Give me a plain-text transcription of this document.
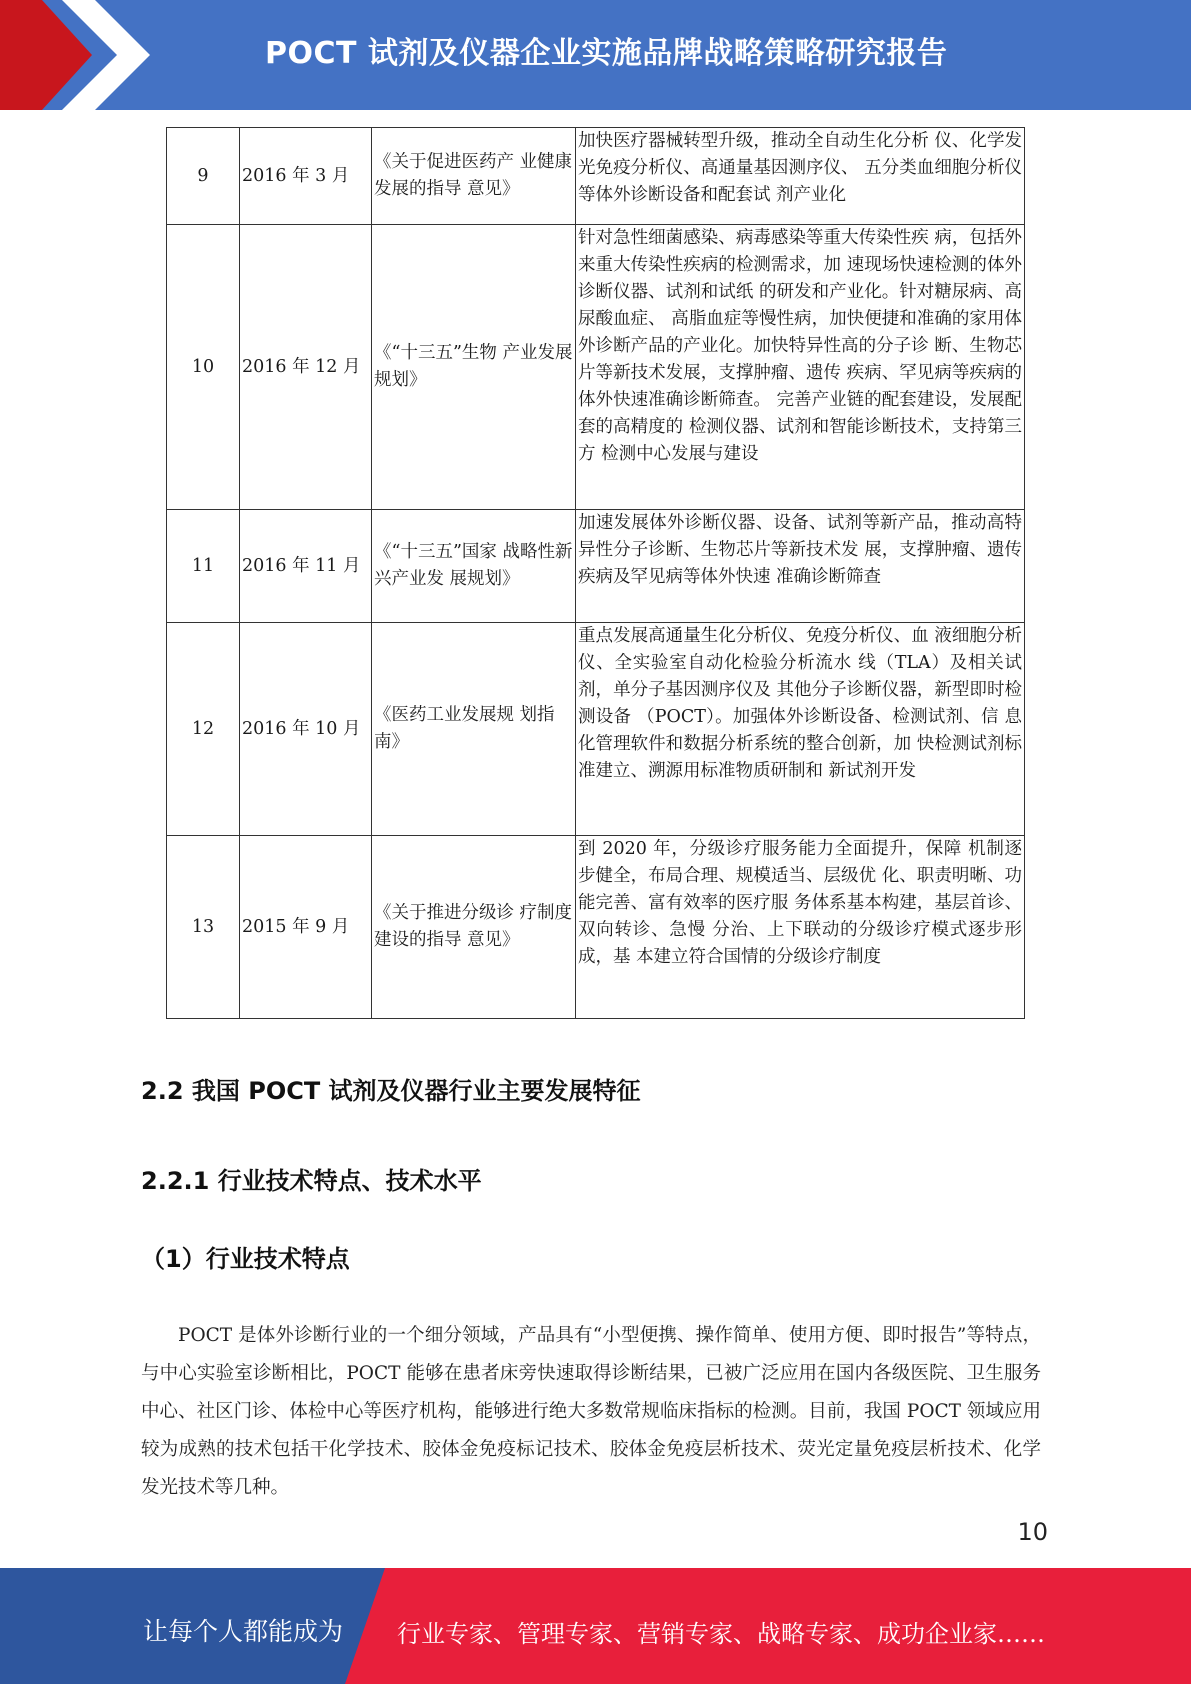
POCT 试剂及仪器企业实施品牌战略策略研究报告
9	2016 年 3 月	《关于促进医药产 业健康发展的指导 意见》	加快医疗器械转型升级，推动全自动生化分析 仪、化学发光免疫分析仪、高通量基因测序仪、 五分类血细胞分析仪等体外诊断设备和配套试 剂产业化

10	2016 年 12 月	《“十三五”生物 产业发展规划》	针对急性细菌感染、病毒感染等重大传染性疾 病，包括外来重大传染性疾病的检测需求，加 速现场快速检测的体外诊断仪器、试剂和试纸 的研发和产业化。针对糖尿病、高尿酸血症、 高脂血症等慢性病，加快便捷和准确的家用体 外诊断产品的产业化。加快特异性高的分子诊 断、生物芯片等新技术发展，支撑肿瘤、遗传 疾病、罕见病等疾病的体外快速准确诊断筛查。 完善产业链的配套建设，发展配套的高精度的 检测仪器、试剂和智能诊断技术，支持第三方 检测中心发展与建设

11	2016 年 11 月	《“十三五”国家 战略性新兴产业发 展规划》	加速发展体外诊断仪器、设备、试剂等新产品，推动高特异性分子诊断、生物芯片等新技术发 展，支撑肿瘤、遗传疾病及罕见病等体外快速 准确诊断筛查

12	2016 年 10 月	《医药工业发展规 划指南》	重点发展高通量生化分析仪、免疫分析仪、血 液细胞分析仪、全实验室自动化检验分析流水 线（TLA）及相关试剂，单分子基因测序仪及 其他分子诊断仪器，新型即时检测设备 （POCT）。加强体外诊断设备、检测试剂、信 息化管理软件和数据分析系统的整合创新，加 快检测试剂标准建立、溯源用标准物质研制和 新试剂开发

13	2015 年 9 月	《关于推进分级诊 疗制度建设的指导 意见》	到 2020 年，分级诊疗服务能力全面提升，保障 机制逐步健全，布局合理、规模适当、层级优 化、职责明晰、功能完善、富有效率的医疗服 务体系基本构建，基层首诊、双向转诊、急慢 分治、上下联动的分级诊疗模式逐步形成，基 本建立符合国情的分级诊疗制度
2.2 我国 POCT 试剂及仪器行业主要发展特征
2.2.1 行业技术特点、技术水平
（1）行业技术特点
POCT 是体外诊断行业的一个细分领域，产品具有“小型便携、操作简单、使用方便、即时报告”等特点，与中心实验室诊断相比，POCT 能够在患者床旁快速取得诊断结果，已被广泛应用在国内各级医院、卫生服务中心、社区门诊、体检中心等医疗机构，能够进行绝大多数常规临床指标的检测。目前，我国 POCT 领域应用较为成熟的技术包括干化学技术、胶体金免疫标记技术、胶体金免疫层析技术、荧光定量免疫层析技术、化学发光技术等几种。
10
让每个人都能成为 行业专家、管理专家、营销专家、战略专家、成功企业家……
